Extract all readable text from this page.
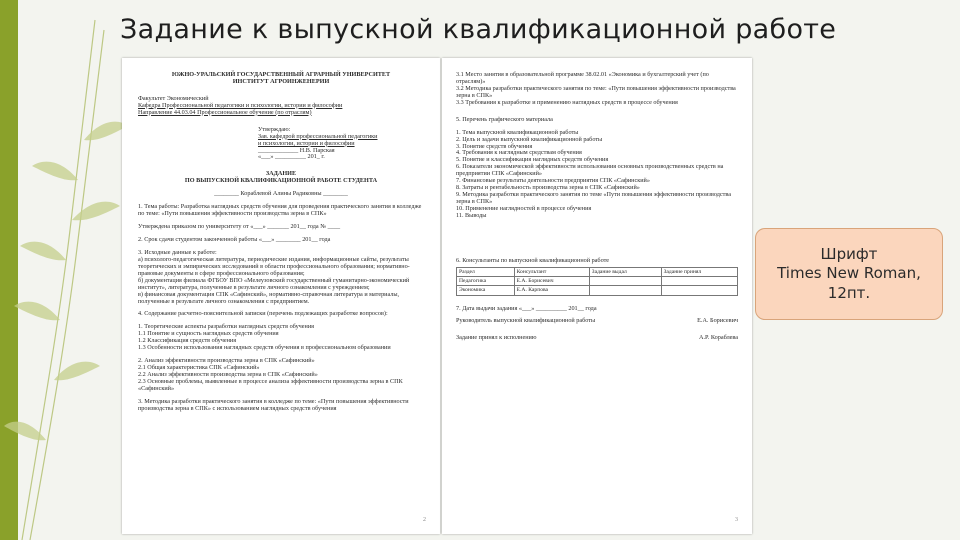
Задание к выпускной квалификационной работе
ЮЖНО-УРАЛЬСКИЙ ГОСУДАРСТВЕННЫЙ АГРАРНЫЙ УНИВЕРСИТЕТ
ИНСТИТУТ АГРОИНЖЕНЕРИИ
Факультет Экономический
Кафедра Профессиональной педагогики и психологии, истории и философии
Направление 44.03.04 Профессиональное обучение (по отраслям)
Утверждаю:
Зав. кафедрой профессиональной педагогики
и психологии, истории и философии
_____________ Н.В. Парская
«___» __________ 201_ г.
ЗАДАНИЕ
ПО ВЫПУСКНОЙ КВАЛИФИКАЦИОННОЙ РАБОТЕ СТУДЕНТА
________ Кораблевой Алины Радиковны ________

1. Тема работы: Разработка наглядных средств обучения для проведения практического занятия в колледже по теме: «Пути повышения эффективности производства зерна в СПК»

Утверждена приказом по университету от «___» _______ 201__ года № ____

2. Срок сдачи студентом законченной работы «___» ________ 201__ года

3. Исходные данные к работе:

а) психолого-педагогическая литература, периодические издания, информационные сайты, результаты теоретических и эмпирических исследований в области профессионального образования; нормативно-правовые документы в сфере профессионального образования;

б) документация филиала ФГБОУ ВПО «Мелеузовский государственный гуманитарно-экономический институт», литература, полученные в результате личного ознакомления с учреждением;

в) финансовая документация СПК «Сафинский», нормативно-справочная литература и материалы, полученные в результате личного ознакомления с предприятием.

4. Содержание расчетно-пояснительной записки (перечень подлежащих разработке вопросов):

1. Теоретические аспекты разработки наглядных средств обучения

1.1 Понятие и сущность наглядных средств обучения

1.2 Классификация средств обучения

1.3 Особенности использования наглядных средств обучения в профессиональном образовании

2. Анализ эффективности производства зерна в СПК «Сафинский»

2.1 Общая характеристика СПК «Сафинский»

2.2 Анализ эффективности производства зерна в СПК «Сафинский»

2.3 Основные проблемы, выявленные в процессе анализа эффективности производства зерна в СПК «Сафинский»

3. Методика разработки практического занятия в колледже по теме: «Пути повышения эффективности производства зерна в СПК» с использованием наглядных средств обучения

2

3.1 Место занятия в образовательной программе 38.02.01 «Экономика и бухгалтерский учет (по отраслям)»

3.2 Методика разработки практического занятия по теме: «Пути повышения эффективности производства зерна в СПК»

3.3 Требования к разработке и применению наглядных средств в процессе обучения

5. Перечень графического материала

1. Тема выпускной квалификационной работы

2. Цель и задачи выпускной квалификационной работы

3. Понятие средств обучения

4. Требования к наглядным средствам обучения

5. Понятие и классификация наглядных средств обучения

6. Показатели экономической эффективности использования основных производственных средств на предприятии СПК «Сафинский»

7. Финансовые результаты деятельности предприятия СПК «Сафинский»

8. Затраты и рентабельность производства зерна в СПК «Сафинский»

9. Методика разработки практического занятия по теме «Пути повышения эффективности производства зерна в СПК»

10. Применение наглядностей в процессе обучения

11. Выводы

6. Консультанты по выпускной квалификационной работе
Раздел	Консультант	Задание выдал	Задание принял
Педагогика	Е.А. Борисевич		
Экономика	Е.А. Карпова		
7. Дата выдачи задания «___» __________ 201__ года
Руководитель выпускной квалификационной работы	Е.А. Борисевич
Задание принял к исполнению	А.Р. Кораблева
3
Шрифт
Times New Roman,
12пт.
